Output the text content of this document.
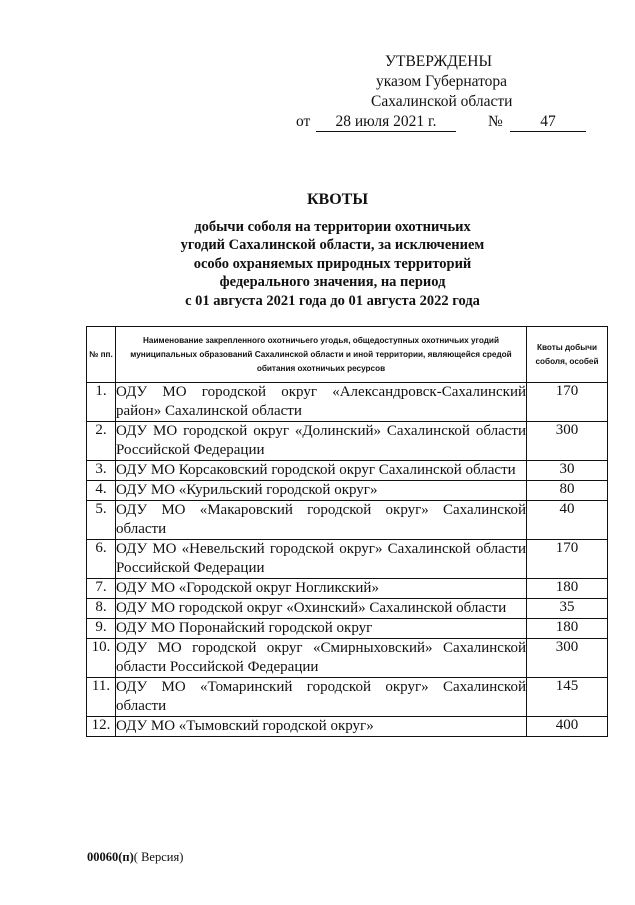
УТВЕРЖДЕНЫ
указом Губернатора
Сахалинской области
от	28 июля 2021 г.	№	47
КВОТЫ
добычи соболя на территории охотничьих
угодий Сахалинской области, за исключением
особо охраняемых природных территорий
федерального значения, на период
с 01 августа 2021 года до 01 августа 2022 года
№ пп.	Наименование закрепленного охотничьего угодья, общедоступных охотничьих угодий муниципальных образований Сахалинской области и иной территории, являющейся средой обитания охотничьих ресурсов	Квоты добычи соболя, особей
1.	ОДУ МО городской округ «Александровск-Сахалинский район» Сахалинской области	170
2.	ОДУ МО городской округ «Долинский» Сахалинской области Российской Федерации	300
3.	ОДУ МО Корсаковский городской округ Сахалинской области	30
4.	ОДУ МО «Курильский городской округ»	80
5.	ОДУ МО «Макаровский городской округ» Сахалинской области	40
6.	ОДУ МО «Невельский городской округ» Сахалинской области Российской Федерации	170
7.	ОДУ МО «Городской округ Ногликский»	180
8.	ОДУ МО городской округ «Охинский» Сахалинской области	35
9.	ОДУ МО Поронайский городской округ	180
10.	ОДУ МО городской округ «Смирныховский» Сахалинской области Российской Федерации	300
11.	ОДУ МО «Томаринский городской округ» Сахалинской области	145
12.	ОДУ МО «Тымовский городской округ»	400
00060(п)( Версия)
